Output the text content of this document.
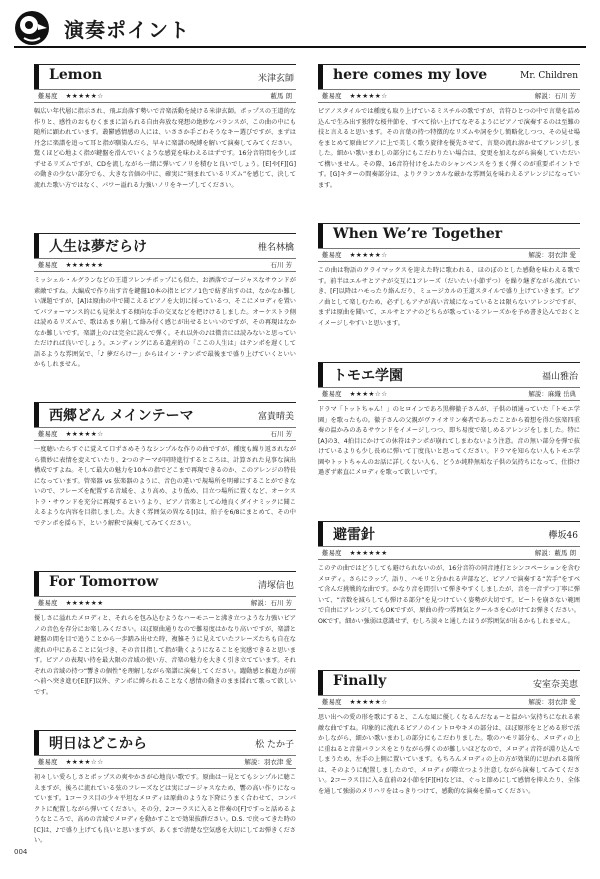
演奏ポイント
Lemon	米津玄師
難易度 ★★★★★☆	藪馬 朗

幅広い年代層に指示され、飛ぶ鳥落す勢いで音楽活動を続ける米津玄師。ポップスの王道的な作りと、感性のおもむくままに語られる自由奔放な発想の絶妙なバランスが、この曲の中にも随所に顕われています。叢鬱感情感の人には、いささか手ごわそうなキー選びですが、まずは丹念に楽譜を追って耳と指が馴染んだら、早々に楽譜の呪縛を解いて演奏してみてください。驚くほど心地よく指が鍵盤を滑んでいくような感覚を味わえるはずです。16分音符問を少しばずせるリズムですが、CDを流しながら一緒に弾いてノリを積むと良いでしょう。[E]や[F][G]の動きの少ない部分でも、大きな音価の中に、確実に“刻まれているリズム”を感じて、決して流れた歌い方ではなく、パワー溢れる力強いノリをキープしてください。

人生は夢だらけ	椎名林檎
難易度 ★★★★★★	石川 芳

ミッシェル・ルグランなどの王道フレンチポップにも似た、お洒落でゴージャスなサウンドが素敵ですね。大編成で作り出す音を鍵盤10本の指とピアノ1色で紡ぎ出すのは、なかなか難しい課題ですが、[A]は原曲の中で聞こえるピアノを大切に採っているつ、そこにメロディを置いてパフォーマンス的にも見栄えする傾向な手の交叉などを把けけるしました。オーケストラ側は読めるリズムで、歌はあまり崩して絡み付く感じが出せるといいのですが、その再現はなかなか難しいです。楽譜上の♪は完全に読んで弾く。それ以外の♪は微音には読みないと思っていただければ良いでしょう。エンディングにある遺産的の「ここの人生は」はテンポを遅くして語るような雰囲気で、「♪ 夢だらけ～」からはイン・テンポで最後まで盛り上げていくといいかもしれません。

西郷どん メインテーマ	富貴晴美
難易度 ★★★★★☆	石川 芳

一度聴いたらすぐに覚えて口ずさめそうなシンプルな作りの曲ですが、種度も繰り返されながら微妙に表情を変えていたり、2つのテーマが同時進行するところは、計算された見事な演出構成ですよね。そして最大の魅力を10本の指でどこまで再現できるのか、このアレンジの特長になっています。管楽器 vs 弦楽器のように、音色の違いで規場所を明確にすることができないので、フレーズを配置する音域を、より高め、より低め、目立つ場所に置くなど、オーケストラ・サウンドを充分に再現するというより、ピアノ音楽として心地良くダイナミックに聞こえるような内容を目指しました。大きく雰囲気の異なる[I]は、拍子を6/8にまとめて、その中でテンポを揺ら下、という解釈で演奏してみてください。

For Tomorrow	清塚信也
難易度 ★★★★★★	解説：石川 芳

優しさに溢れたメロディと、それらを包み込むようなハーモニーと沸き立つような力強いピアノの音色を存分にお楽しみください。ほぼ原曲通りなので難易度はかなり高いですが、楽譜と鍵盤の間を目で追うことから一歩踏み出せた時、複雑そうに見えていたフレーズたちも自在な流れの中にあることに気づき、その音目指して指が動くようになることを実感できると思います。ピアノの表現い持を最大限の音域の使い方、音楽の魅力を大きく引き立てています。それぞれの音域の持つ“響きの個性”を理解しながら楽譜に演奏してください。躍動感と推進力が前へ前へ突き進む[E][F]以外、テンポに縛られることなく感情の動きのまま揺れて歌って欲しいです。

明日はどこから	松 たか子
難易度 ★★★★☆☆	解説：羽衣津 愛

初々しい愛らしさとポップスの爽やかさが心地良い歌です。原曲は一見とてもシンプルに聴こえますが、後ろに流れている弦のフレーズなどは実にゴージャスなため、響の高い作りになっています。1コーラス目の少々平坦なメロディは原曲のような下降にうまく合わせて、コンパクトに配置しながら弾いてください。その分、2コーラスに入ると伴奏の[F]ですっと話めるようなところで、高めの音域でメロディを動かすことで効果抜群ださい。D.S. で戻ってきた時の[C]は、♪で盛り上げても良いと思いますが、あくまで清楚な空気感を大切にしてお弾きください。

here comes my love	Mr. Children
難易度 ★★★★★☆	解説：石川 芳

ピアノスタイルでは種度も取り上げているミスチルの歌ですが、音符ひとつの中で言葉を詰め込んで生み出す独特な桜井節を、すべて拾い上げてなぞるようにピアノで演奏するのは至難の技と言えると思います。その言葉の持つ特徴的なリズムや詞を少し簡略化しつつ、その見せ場をまとめて原曲ピアノに上で美しく歌う旋律を優先させて、言葉の流れ溶かせてアレンジしました。細かい歌いまわしの部分にもこだわりたい場合は、変更を加えながら演奏していただいて構いません。その際、16音符付けをふたのシャンペンスをうまく弾くのが重要ポイントです。[G]キターの間奏部分は、よりクランカルな厳かな雰囲気を味わえるアレンジになっています。

When We’re Together
難易度 ★★★★★☆	解説：羽衣津 愛

この曲は物語のクライマックスを迎えた時に歌われる、ほのぼのとした感動を味わえる歌です。前半はエルサとアナが交互に1フレーズ（だいたい小節ずつ）を繰り継ぎながら流れていき、[F]以降はハモったり絡んだり、ミュージカルの王道スタイルで盛り上げていきます。ピアノ曲として楽しむため、必ずしもアナが高い音域になっているとは限らないアレンジですが、まずは原曲を聞いて、エルサとアナのどちらが歌っているフレーズかを予め書き込んでおくとイメージしやすいと思います。

トモエ学園	福山雅治
難易度 ★★★★☆☆	解説：麻織 岳典

ドラマ「トットちゃん！」のヒロインであろ黒柳徹子さんが、子供の頃通っていた「トモエ学園」を歌ったもの。徹子さんの父親がヴァイオリン奏者であったことから着想を得た弦楽四重奏の温かみのあるサウンドをイメージしつつ、即ち易度で楽しめるアレンジをしました。特に[A]の3、4拍目にかけての休符はテンポが崩れてしまわないよう注意。音の無い部分を弾で抜けているよりも少し長めに弾いて丁度良いと思ってください。ドラマを知らない人もトモエ学園やトットちゃんのお話に詳しくない人も、どうか純粋無垢な子供の気持ちになって、仕掛け過ぎず素直にメロディを歌って欲しいです。

避雷針	欅坂46
難易度 ★★★★★★	解説：藪馬 朗

このテの曲ではどうしても避けられないのが、16分音符の同音連打とシンコペーションを含むメロディ。さらにラップ、語り、ハモリと分かれる声部など、ピアノで演奏する“苦手”をすべて含んだ挑戦的な曲です。かなり音を間引いて弾きやすくしましたが、音を一音ずつ丁寧に弾いて、“音数を減らしても弾ける部分”を見つけていく姿勢が大切です。ビートを崩さない範囲で自由にアレンジしてもOKですが、原曲の持つ雰囲気とクールさを心がけてお弾きください。OKです。細かい強弱は意識せず、むしろ淡々と通したほうが雰囲気が出るかもしれません。

Finally	安室奈美恵
難易度 ★★★★★☆	解説：羽衣津 愛

思い出への愛の形を歌にすると、こんな風に優しくなるんだなぁーと温かい気持ちになれる素敵な曲ですね。印象的に流れるピアノのイントロやキメの部分は、ほぼ原形をとどめる形で活かしながら、細かい歌いまわしの部分にもこだわりました。歌のハモリ部分も、メロディの上に重ねると音量バランスをとりながら弾くのが難しいほどなので、メロディ音符が淵り込んでしまうため、左手の上側に置いています。もちろんメロディの上の方が効果的に思われる箇所は、そのように配置しましたので、メロディが際立つよう注意しながら演奏してみてください。2コーラス目に入る直前の2小節を[F][H]などは、ぐっと節めにして感情を抑えたり、全体を通して強弱のメリハリをはっきりつけて、感動的な演奏を描ってください。

004
